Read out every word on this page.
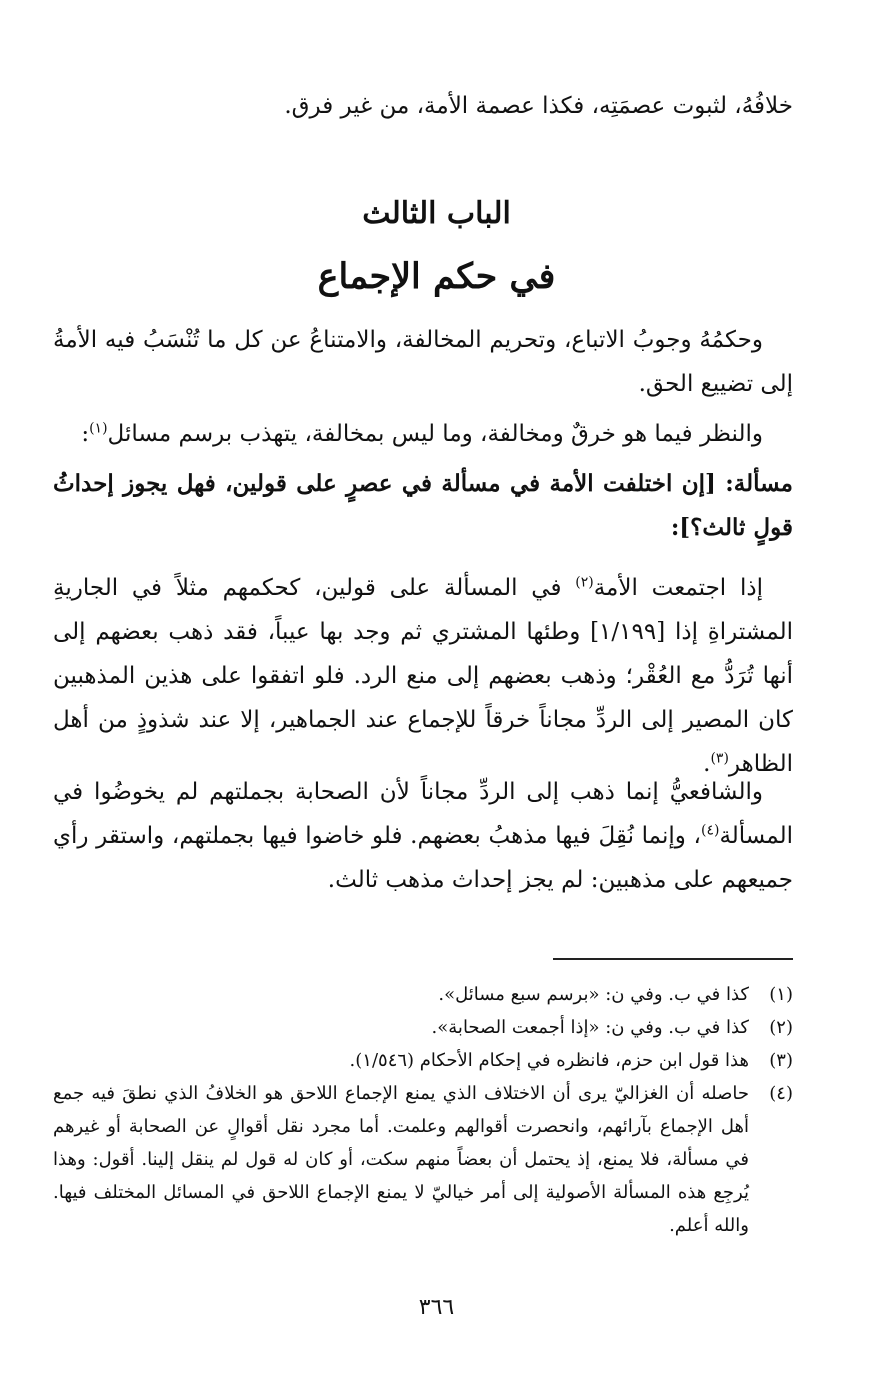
خلافُهُ، لثبوت عصمَتِه، فكذا عصمة الأمة، من غير فرق.
الباب الثالث
في حكم الإجماع
وحكمُهُ وجوبُ الاتباع، وتحريم المخالفة، والامتناعُ عن كل ما تُنْسَبُ فيه الأمةُ إلى تضييع الحق.
والنظر فيما هو خرقٌ ومخالفة، وما ليس بمخالفة، يتهذب برسم مسائل$^{(١)}$:
مسألة: [إن اختلفت الأمة في مسألة في عصرٍ على قولين، فهل يجوز إحداثُ قولٍ ثالث؟]:
إذا اجتمعت الأمة$^{(٢)}$ في المسألة على قولين، كحكمهم مثلاً في الجاريةِ المشتراةِ إذا [١/١٩٩] وطئها المشتري ثم وجد بها عيباً، فقد ذهب بعضهم إلى أنها تُرَدُّ مع العُقْر؛ وذهب بعضهم إلى منع الرد. فلو اتفقوا على هذين المذهبين كان المصير إلى الردِّ مجاناً خرقاً للإجماع عند الجماهير، إلا عند شذوذٍ من أهل الظاهر$^{(٣)}$.
والشافعيُّ إنما ذهب إلى الردِّ مجاناً لأن الصحابة بجملتهم لم يخوضُوا في المسألة$^{(٤)}$، وإنما نُقِلَ فيها مذهبُ بعضهم. فلو خاضوا فيها بجملتهم، واستقر رأي جميعهم على مذهبين: لم يجز إحداث مذهب ثالث.
(١)
كذا في ب. وفي ن: «برسم سبع مسائل».
(٢)
كذا في ب. وفي ن: «إذا أجمعت الصحابة».
(٣)
هذا قول ابن حزم، فانظره في إحكام الأحكام (١/٥٤٦).
(٤)
حاصله أن الغزاليّ يرى أن الاختلاف الذي يمنع الإجماع اللاحق هو الخلافُ الذي نطقَ فيه جمع أهل الإجماع بآرائهم، وانحصرت أقوالهم وعلمت. أما مجرد نقل أقوالٍ عن الصحابة أو غيرهم في مسألة، فلا يمنع، إذ يحتمل أن بعضاً منهم سكت، أو كان له قول لم ينقل إلينا. أقول: وهذا يُرجِع هذه المسألة الأصولية إلى أمر خياليّ لا يمنع الإجماع اللاحق في المسائل المختلف فيها. والله أعلم.
٣٦٦
